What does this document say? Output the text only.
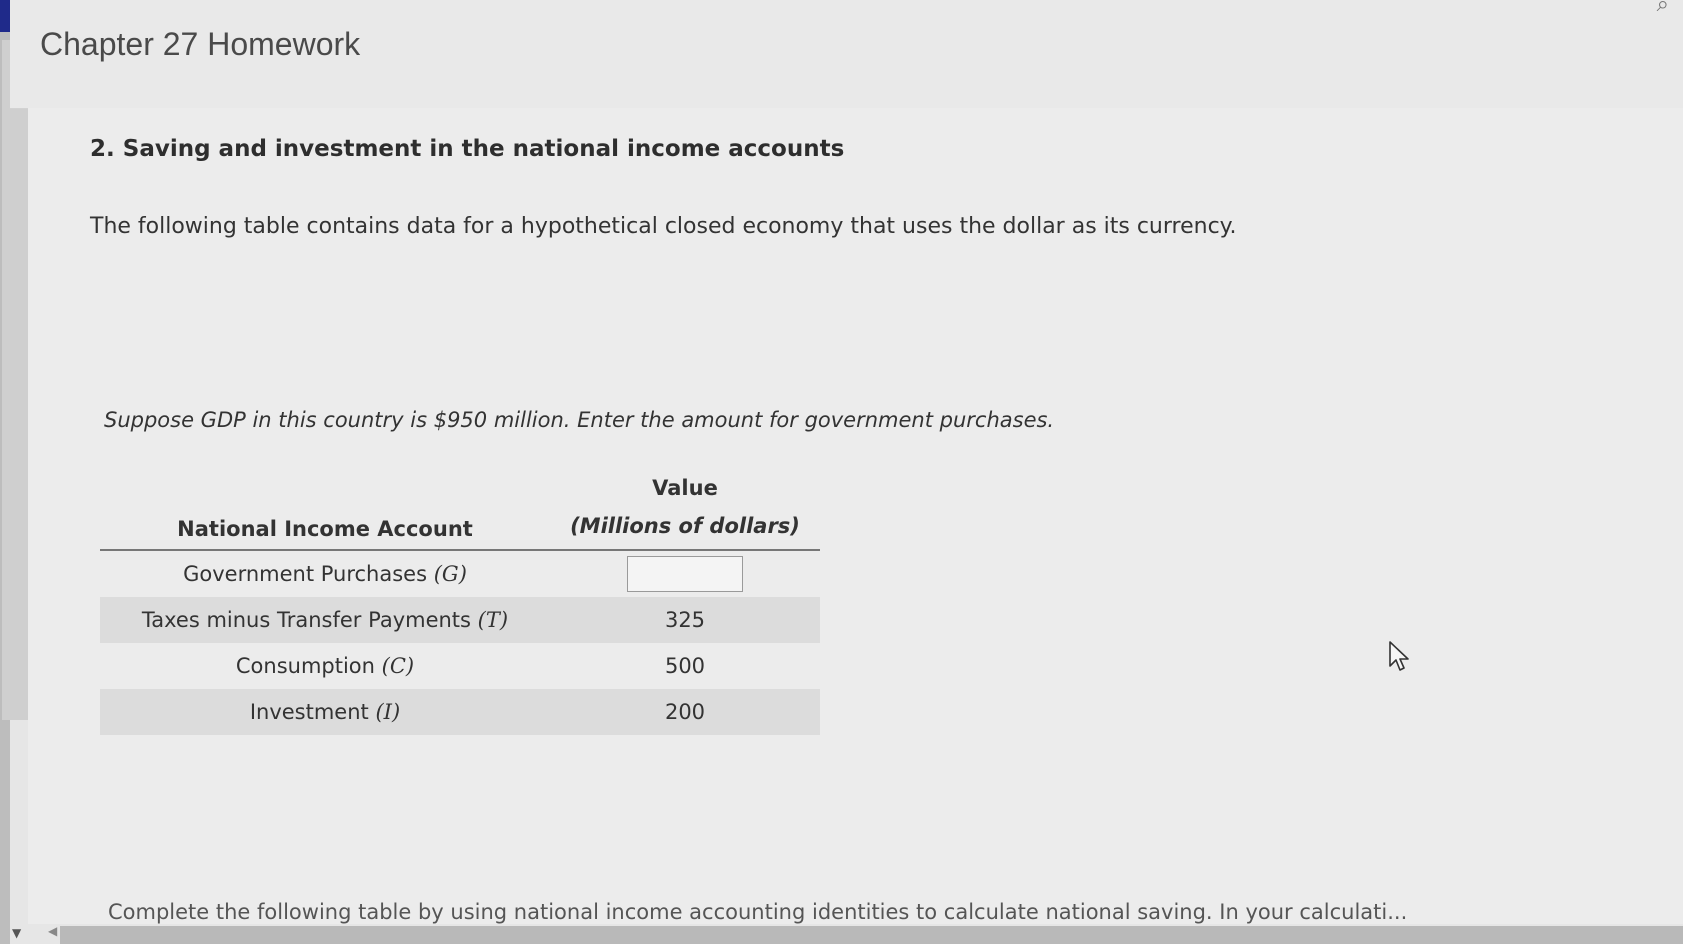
▼ ◀
Chapter 27 Homework
⌕
2. Saving and investment in the national income accounts
The following table contains data for a hypothetical closed economy that uses the dollar as its currency.
Suppose GDP in this country is $950 million. Enter the amount for government purchases.
National Income Account	Value
(Millions of dollars)

Government Purchases (G)	
Taxes minus Transfer Payments (T)	325
Consumption (C)	500
Investment (I)	200
Complete the following table by using national income accounting identities to calculate national saving. In your calculati...
